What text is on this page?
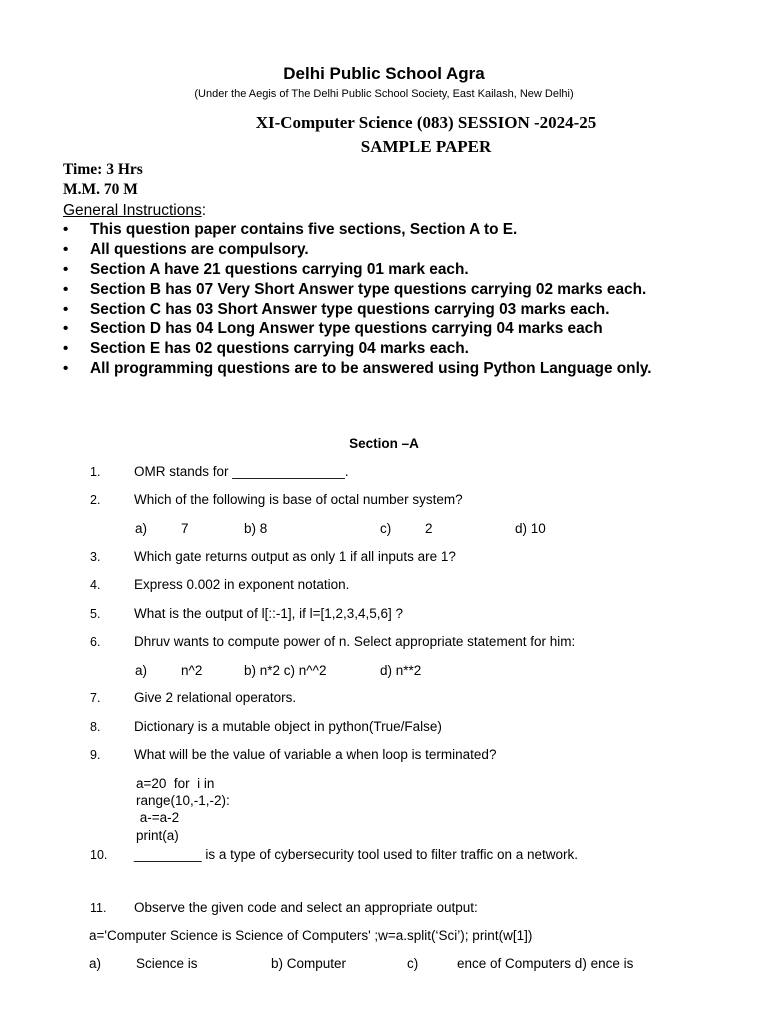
Delhi Public School Agra
(Under the Aegis of The Delhi Public School Society, East Kailash, New Delhi)
XI-Computer Science (083) SESSION -2024-25
SAMPLE PAPER
Time: 3 Hrs
M.M. 70 M
General Instructions:
• This question paper contains five sections, Section A to E.
• All questions are compulsory.
• Section A have 21 questions carrying 01 mark each.
• Section B has 07 Very Short Answer type questions carrying 02 marks each.
• Section C has 03 Short Answer type questions carrying 03 marks each.
• Section D has 04 Long Answer type questions carrying 04 marks each
• Section E has 02 questions carrying 04 marks each.
• All programming questions are to be answered using Python Language only.
Section –A
1. OMR stands for _______________.
2. Which of the following is base of octal number system?
a)	7	b) 8	c)	2	d) 10
3. Which gate returns output as only 1 if all inputs are 1?
4. Express 0.002 in exponent notation.
5. What is the output of l[::-1], if l=[1,2,3,4,5,6] ?
6. Dhruv wants to compute power of n. Select appropriate statement for him:
a)	n^2	b) n*2 c) n^^2	d) n**2
7. Give 2 relational operators.
8. Dictionary is a mutable object in python(True/False)
9. What will be the value of variable a when loop is terminated?
a=20  for  i in
range(10,-1,-2):
a-=a-2
print(a)
10. _________ is a type of cybersecurity tool used to filter traffic on a network.
11. Observe the given code and select an appropriate output:
a='Computer Science is Science of Computers' ;w=a.split(‘Sci’); print(w[1])
a)	Science is	b) Computer	c)	ence of Computers d) ence is
